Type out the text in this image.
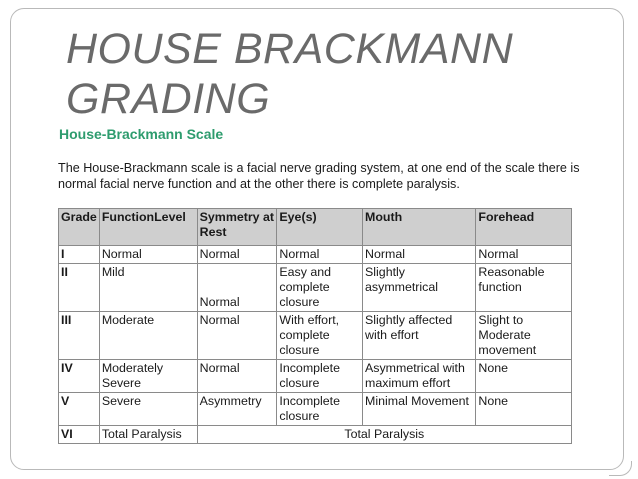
HOUSE BRACKMANN
GRADING
House-Brackmann Scale
The House-Brackmann scale is a facial nerve grading system, at one end of the scale there is normal facial nerve function and at the other there is complete paralysis.
Grade	FunctionLevel	Symmetry at Rest	Eye(s)	Mouth	Forehead
I	Normal	Normal	Normal	Normal	Normal
II	Mild	Normal	Easy and complete closure	Slightly asymmetrical	Reasonable function
III	Moderate	Normal	With effort, complete closure	Slightly affected with effort	Slight to Moderate movement
IV	Moderately Severe	Normal	Incomplete closure	Asymmetrical with maximum effort	None
V	Severe	Asymmetry	Incomplete closure	Minimal Movement	None
VI	Total Paralysis	Total Paralysis			
